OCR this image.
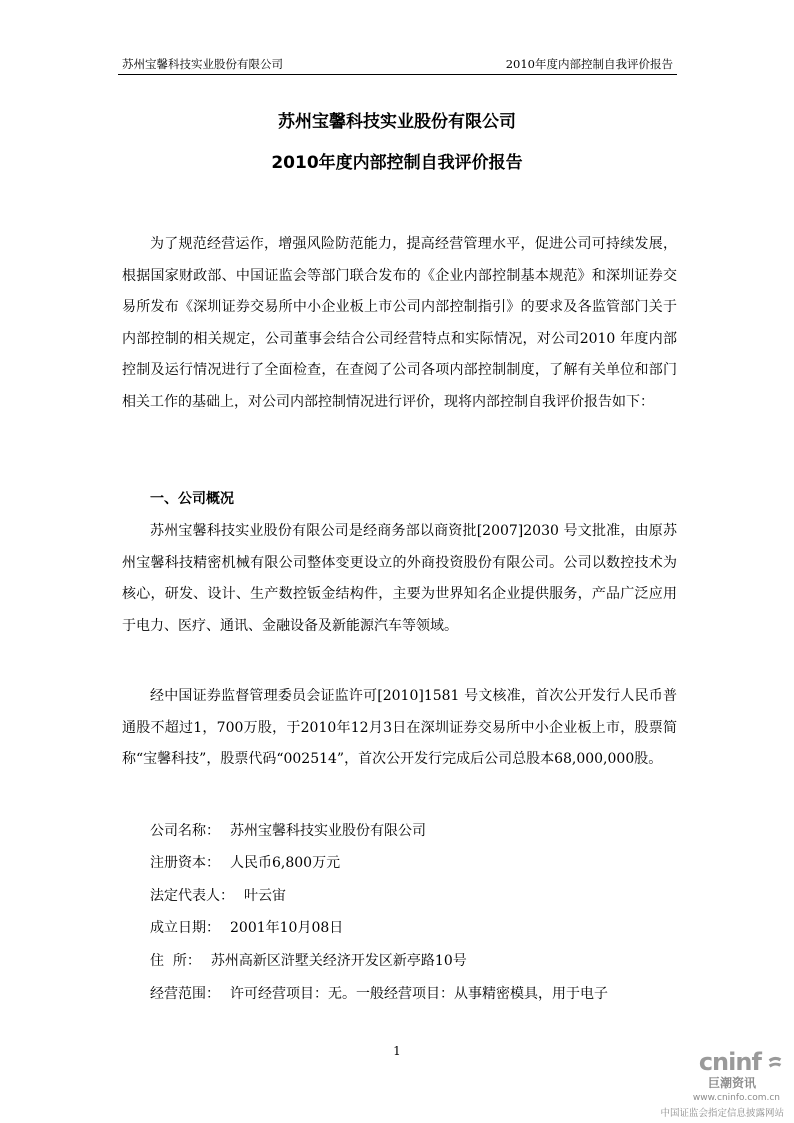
苏州宝馨科技实业股份有限公司	2010年度内部控制自我评价报告
苏州宝馨科技实业股份有限公司
2010年度内部控制自我评价报告

为了规范经营运作，增强风险防范能力，提高经营管理水平，促进公司可持续发展，根据国家财政部、中国证监会等部门联合发布的《企业内部控制基本规范》和深圳证券交易所发布《深圳证券交易所中小企业板上市公司内部控制指引》的要求及各监管部门关于内部控制的相关规定，公司董事会结合公司经营特点和实际情况，对公司2010 年度内部控制及运行情况进行了全面检查，在查阅了公司各项内部控制制度，了解有关单位和部门相关工作的基础上，对公司内部控制情况进行评价，现将内部控制自我评价报告如下：

一、公司概况

苏州宝馨科技实业股份有限公司是经商务部以商资批[2007]2030 号文批准，由原苏州宝馨科技精密机械有限公司整体变更设立的外商投资股份有限公司。公司以数控技术为核心，研发、设计、生产数控钣金结构件，主要为世界知名企业提供服务，产品广泛应用于电力、医疗、通讯、金融设备及新能源汽车等领域。

经中国证券监督管理委员会证监许可[2010]1581 号文核准，首次公开发行人民币普通股不超过1，700万股，于2010年12月3日在深圳证券交易所中小企业板上市，股票简称“宝馨科技”，股票代码“002514”，首次公开发行完成后公司总股本68,000,000股。

公司名称： 苏州宝馨科技实业股份有限公司
注册资本： 人民币6,800万元
法定代表人： 叶云宙
成立日期： 2001年10月08日
住  所： 苏州高新区浒墅关经济开发区新亭路10号
经营范围： 许可经营项目：无。一般经营项目：从事精密模具，用于电子
1	cninf
巨潮资讯
www.cninfo.com.cn
中国证监会指定信息披露网站
